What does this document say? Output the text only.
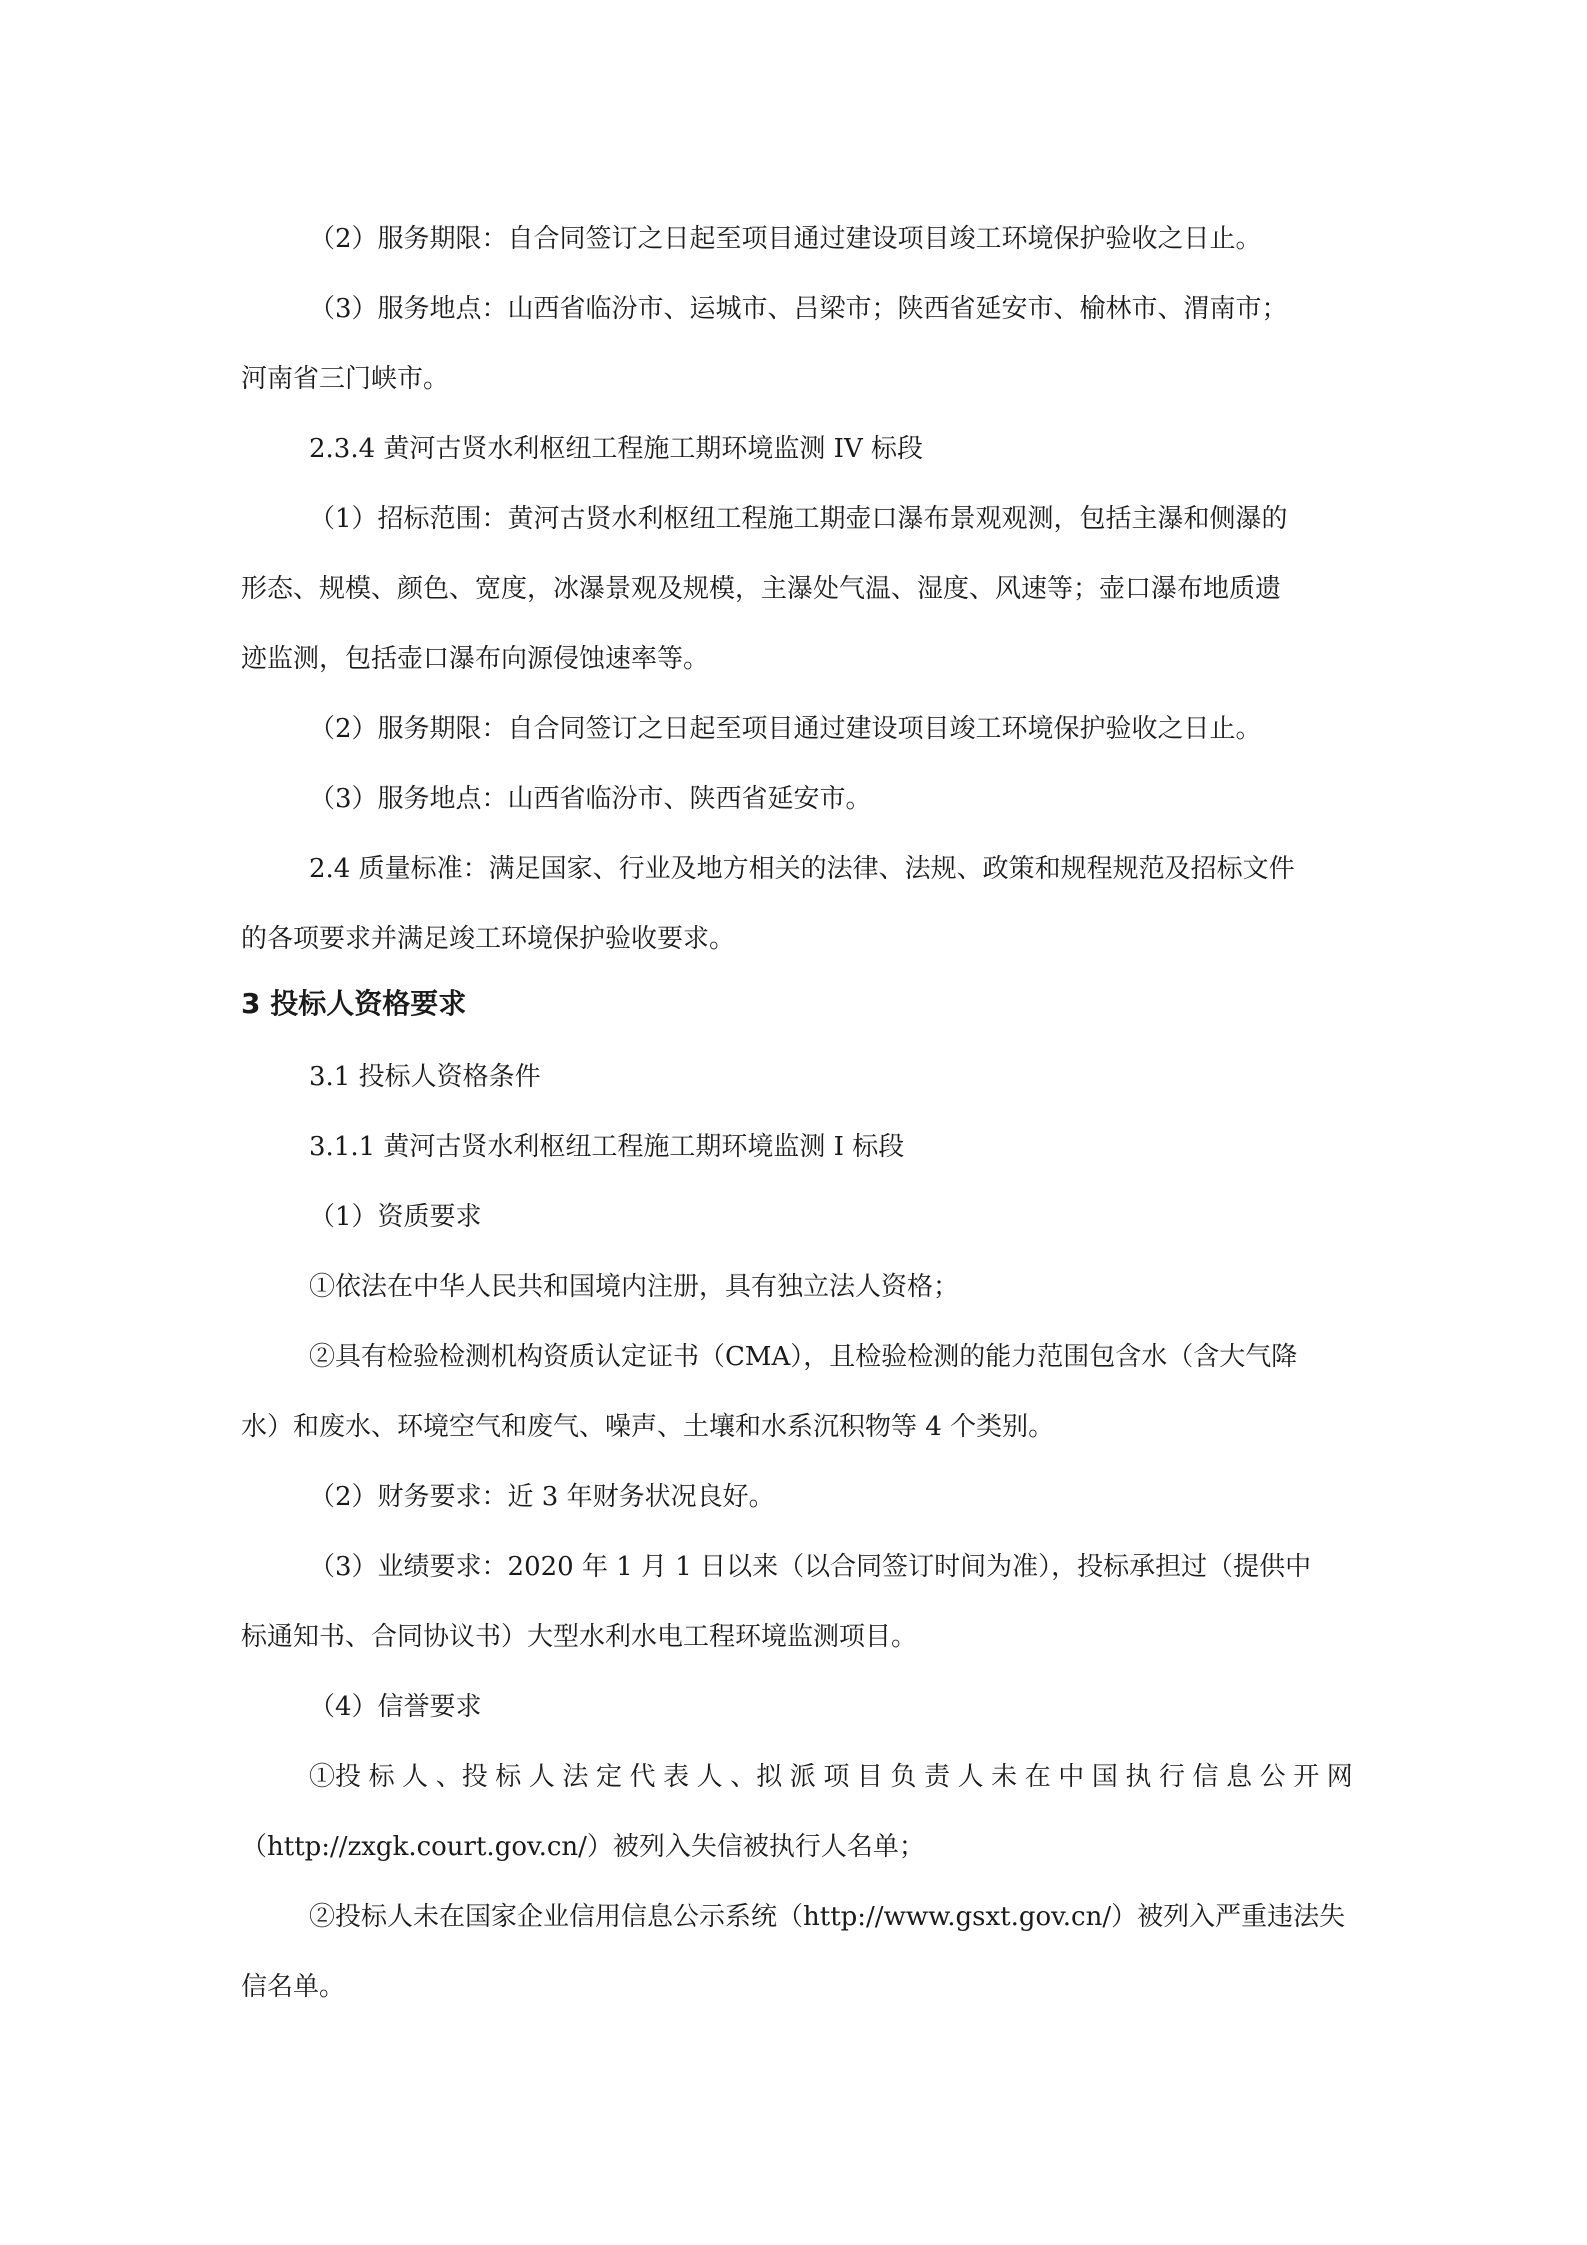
（2）服务期限：自合同签订之日起至项目通过建设项目竣工环境保护验收之日止。
（3）服务地点：山西省临汾市、运城市、吕梁市；陕西省延安市、榆林市、渭南市；
河南省三门峡市。
2.3.4 黄河古贤水利枢纽工程施工期环境监测 IV 标段
（1）招标范围：黄河古贤水利枢纽工程施工期壶口瀑布景观观测，包括主瀑和侧瀑的
形态、规模、颜色、宽度，冰瀑景观及规模，主瀑处气温、湿度、风速等；壶口瀑布地质遗
迹监测，包括壶口瀑布向源侵蚀速率等。
（2）服务期限：自合同签订之日起至项目通过建设项目竣工环境保护验收之日止。
（3）服务地点：山西省临汾市、陕西省延安市。
2.4 质量标准：满足国家、行业及地方相关的法律、法规、政策和规程规范及招标文件
的各项要求并满足竣工环境保护验收要求。
3 投标人资格要求
3.1 投标人资格条件
3.1.1 黄河古贤水利枢纽工程施工期环境监测 I 标段
（1）资质要求
①依法在中华人民共和国境内注册，具有独立法人资格；
②具有检验检测机构资质认定证书（CMA），且检验检测的能力范围包含水（含大气降
水）和废水、环境空气和废气、噪声、土壤和水系沉积物等 4 个类别。
（2）财务要求：近 3 年财务状况良好。
（3）业绩要求：2020 年 1 月 1 日以来（以合同签订时间为准），投标承担过（提供中
标通知书、合同协议书）大型水利水电工程环境监测项目。
（4）信誉要求
①投 标 人 、投 标 人 法 定 代 表 人 、拟 派 项 目 负 责 人 未 在 中 国 执 行 信 息 公 开 网
（http://zxgk.court.gov.cn/）被列入失信被执行人名单；
②投标人未在国家企业信用信息公示系统（http://www.gsxt.gov.cn/）被列入严重违法失
信名单。
